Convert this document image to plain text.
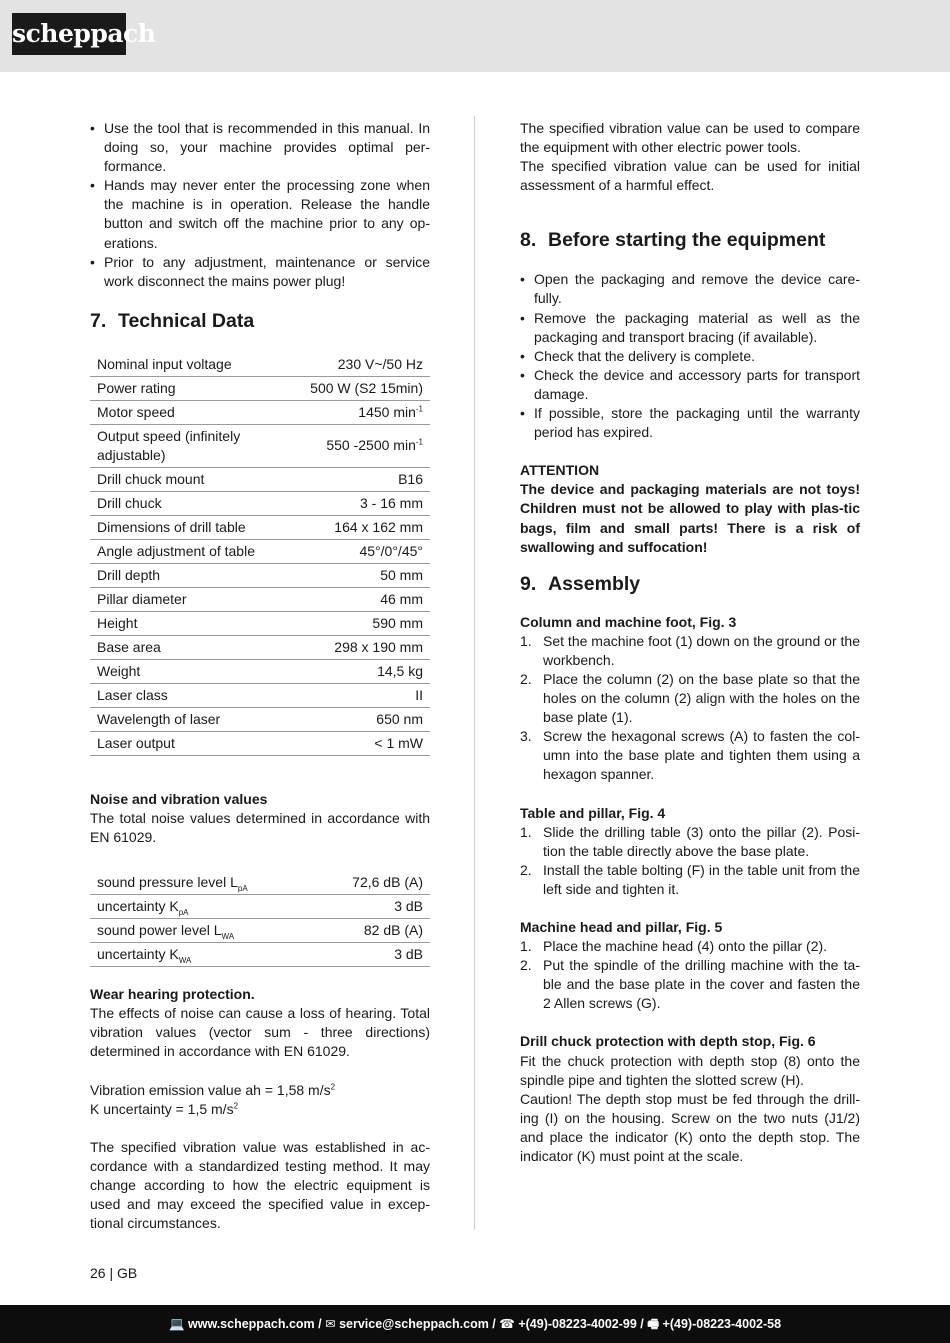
scheppach
• Use the tool that is recommended in this manual. In doing so, your machine provides optimal per-formance.
• Hands may never enter the processing zone when the machine is in operation. Release the handle button and switch off the machine prior to any op-erations.
• Prior to any adjustment, maintenance or service work disconnect the mains power plug!
7. Technical Data
Nominal input voltage	230 V~/50 Hz
Power rating	500 W (S2 15min)
Motor speed	1450 $\min^{-1}$
Output speed (infinitely adjustable)	550 -2500 $\min^{-1}$
Drill chuck mount	B16
Drill chuck	3 - 16 mm
Dimensions of drill table	164 x 162 mm
Angle adjustment of table	45°/0°/45°
Drill depth	50 mm
Pillar diameter	46 mm
Height	590 mm
Base area	298 x 190 mm
Weight	14,5 kg
Laser class	II
Wavelength of laser	650 nm
Laser output	< 1 mW

Noise and vibration values

The total noise values determined in accordance with EN 61029.

sound pressure level $L_{pA}$	72,6 dB (A)
uncertainty $K_{pA}$	3 dB
sound power level $L_{WA}$	82 dB (A)
uncertainty $K_{WA}$	3 dB

Wear hearing protection.

The effects of noise can cause a loss of hearing. Total vibration values (vector sum - three directions) determined in accordance with EN 61029.

Vibration emission value ah = 1,58 $m/s^2$

K uncertainty = 1,5 $m/s^2$

The specified vibration value was established in ac-cordance with a standardized testing method. It may change according to how the electric equipment is used and may exceed the specified value in excep-tional circumstances.

The specified vibration value can be used to compare the equipment with other electric power tools.

The specified vibration value can be used for initial assessment of a harmful effect.

8. Before starting the equipment
• Open the packaging and remove the device care-fully.
• Remove the packaging material as well as the packaging and transport bracing (if available).
• Check that the delivery is complete.
• Check the device and accessory parts for transport damage.
• If possible, store the packaging until the warranty period has expired.

ATTENTION

The device and packaging materials are not toys! Children must not be allowed to play with plas-tic bags, film and small parts! There is a risk of swallowing and suffocation!

9. Assembly

Column and machine foot, Fig. 3

1. Set the machine foot (1) down on the ground or the workbench.
2. Place the column (2) on the base plate so that the holes on the column (2) align with the holes on the base plate (1).
3. Screw the hexagonal screws (A) to fasten the col-umn into the base plate and tighten them using a hexagon spanner.

Table and pillar, Fig. 4

1. Slide the drilling table (3) onto the pillar (2). Posi-tion the table directly above the base plate.
2. Install the table bolting (F) in the table unit from the left side and tighten it.

Machine head and pillar, Fig. 5

1. Place the machine head (4) onto the pillar (2).
2. Put the spindle of the drilling machine with the ta-ble and the base plate in the cover and fasten the 2 Allen screws (G).

Drill chuck protection with depth stop, Fig. 6

Fit the chuck protection with depth stop (8) onto the spindle pipe and tighten the slotted screw (H).

Caution! The depth stop must be fed through the drill-ing (I) on the housing. Screw on the two nuts (J1/2) and place the indicator (K) onto the depth stop. The indicator (K) must point at the scale.

26 | GB
💻 www.scheppach.com / ✉ service@scheppach.com / ☎ +(49)-08223-4002-99 / 🖷 +(49)-08223-4002-58
